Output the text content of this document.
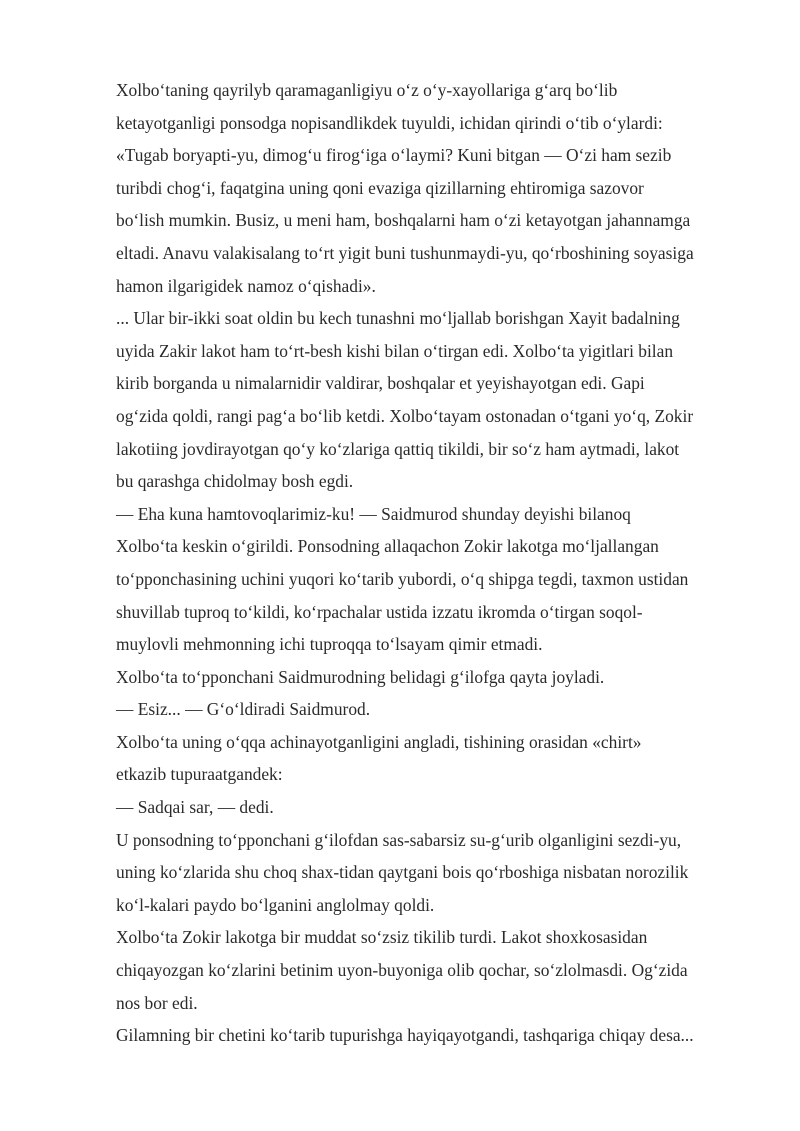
Xolbo‘taning qayrilyb qaramaganligiyu o‘z o‘y-xayollariga g‘arq bo‘lib

ketayotganligi ponsodga nopisandlikdek tuyuldi, ichidan qirindi o‘tib o‘ylardi:

«Tugab boryapti-yu, dimog‘u firog‘iga o‘laymi? Kuni bitgan — O‘zi ham sezib

turibdi chog‘i, faqatgina uning qoni evaziga qizillarning ehtiromiga sazovor

bo‘lish mumkin. Busiz, u meni ham, boshqalarni ham o‘zi ketayotgan jahannamga

eltadi. Anavu valakisalang to‘rt yigit buni tushunmaydi-yu, qo‘rboshining soyasiga

hamon ilgarigidek namoz o‘qishadi».

... Ular bir-ikki soat oldin bu kech tunashni mo‘ljallab borishgan Xayit badalning

uyida Zakir lakot ham to‘rt-besh kishi bilan o‘tirgan edi. Xolbo‘ta yigitlari bilan

kirib borganda u nimalarnidir valdirar, boshqalar et yeyishayotgan edi. Gapi

og‘zida qoldi, rangi pag‘a bo‘lib ketdi. Xolbo‘tayam ostonadan o‘tgani yo‘q, Zokir

lakotiing jovdirayotgan qo‘y ko‘zlariga qattiq tikildi, bir so‘z ham aytmadi, lakot

bu qarashga chidolmay bosh egdi.

— Eha kuna hamtovoqlarimiz-ku! — Saidmurod shunday deyishi bilanoq

Xolbo‘ta keskin o‘girildi. Ponsodning allaqachon Zokir lakotga mo‘ljallangan

to‘pponchasining uchini yuqori ko‘tarib yubordi, o‘q shipga tegdi, taxmon ustidan

shuvillab tuproq to‘kildi, ko‘rpachalar ustida izzatu ikromda o‘tirgan soqol-

muylovli mehmonning ichi tuproqqa to‘lsayam qimir etmadi.

Xolbo‘ta to‘pponchani Saidmurodning belidagi g‘ilofga qayta joyladi.

— Esiz... — G‘o‘ldiradi Saidmurod.

Xolbo‘ta uning o‘qqa achinayotganligini angladi, tishining orasidan «chirt»

etkazib tupuraatgandek:

— Sadqai sar, — dedi.

U ponsodning to‘pponchani g‘ilofdan sas-sabarsiz su-g‘urib olganligini sezdi-yu,

uning ko‘zlarida shu choq shax-tidan qaytgani bois qo‘rboshiga nisbatan norozilik

ko‘l-kalari paydo bo‘lganini anglolmay qoldi.

Xolbo‘ta Zokir lakotga bir muddat so‘zsiz tikilib turdi. Lakot shoxkosasidan

chiqayozgan ko‘zlarini betinim uyon-buyoniga olib qochar, so‘zlolmasdi. Og‘zida

nos bor edi.

Gilamning bir chetini ko‘tarib tupurishga hayiqayotgandi, tashqariga chiqay desa...
